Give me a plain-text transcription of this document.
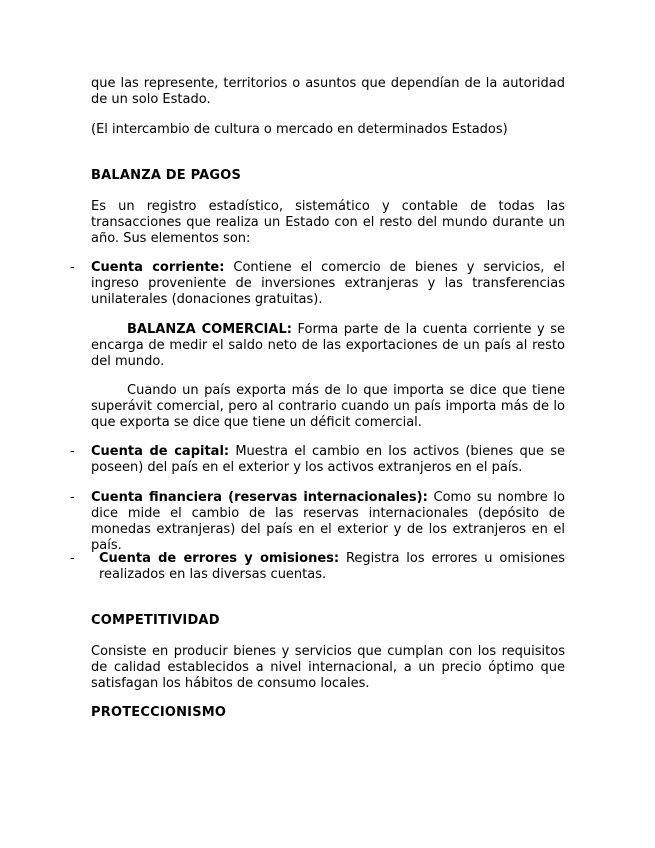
que las represente, territorios o asuntos que dependían de la autoridad de un solo Estado.

(El intercambio de cultura o mercado en determinados Estados)

BALANZA DE PAGOS

Es un registro estadístico, sistemático y contable de todas las transacciones que realiza un Estado con el resto del mundo durante un año. Sus elementos son:

-	Cuenta corriente: Contiene el comercio de bienes y servicios, el ingreso proveniente de inversiones extranjeras y las transferencias unilaterales (donaciones gratuitas).

BALANZA COMERCIAL: Forma parte de la cuenta corriente y se encarga de medir el saldo neto de las exportaciones de un país al resto del mundo.

Cuando un país exporta más de lo que importa se dice que tiene superávit comercial, pero al contrario cuando un país importa más de lo que exporta se dice que tiene un déficit comercial.

-	Cuenta de capital: Muestra el cambio en los activos (bienes que se poseen) del país en el exterior y los activos extranjeros en el país.

-	Cuenta financiera (reservas internacionales): Como su nombre lo dice mide el cambio de las reservas internacionales (depósito de monedas extranjeras) del país en el exterior y de los extranjeros en el país.

-	Cuenta de errores y omisiones: Registra los errores u omisiones realizados en las diversas cuentas.

COMPETITIVIDAD

Consiste en producir bienes y servicios que cumplan con los requisitos de calidad establecidos a nivel internacional, a un precio óptimo que satisfagan los hábitos de consumo locales.

PROTECCIONISMO
